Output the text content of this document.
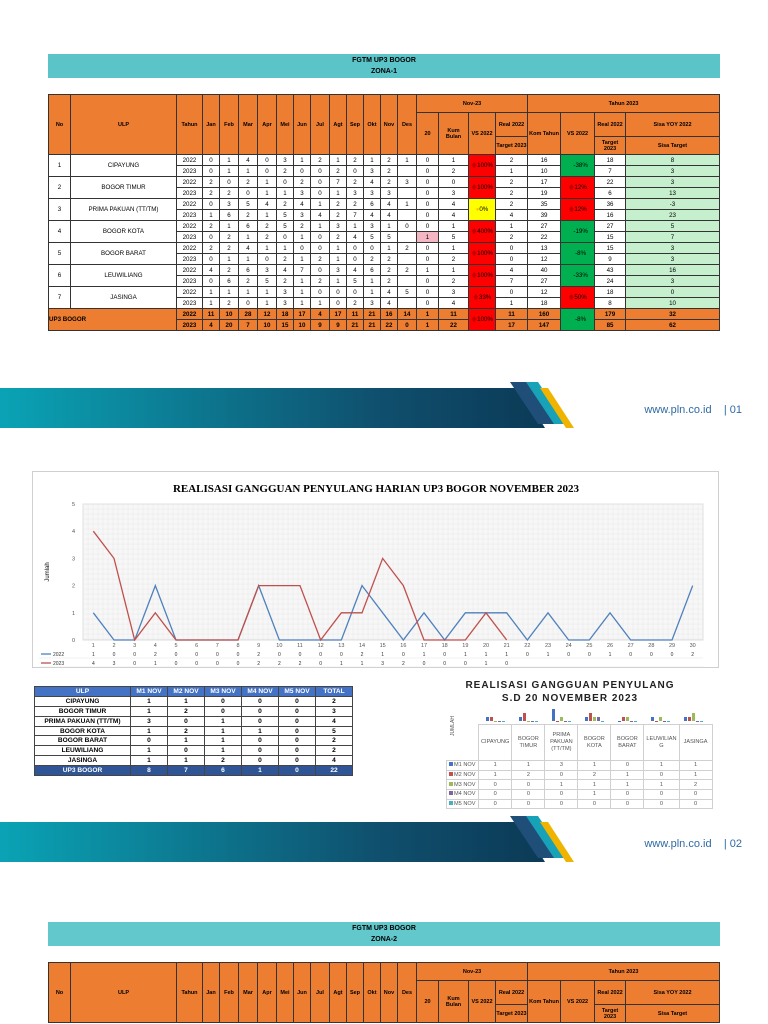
FGTM UP3 BOGOR
ZONA-1
No	ULP	Tahun	Jan	Feb	Mar	Apr	Mei	Jun	Jul	Agt	Sep	Okt	Nov	Des	Nov-23				Tahun 2023			
															20	Kum Bulan	VS 2022	Real 2022	Kom Tahun	VS 2022	Real 2022	Sisa YOY 2022
																		Target 2023			Target 2023	Sisa Target
1	CIPAYUNG	2022	0	1	4	0	3	1	2	1	2	1	2	1	0	1	🡅100%	2	16	🡇-38%	18	8
		2023	0	1	1	0	2	0	0	2	0	3	2		0	2		1	10		7	3
2	BOGOR TIMUR	2022	2	0	2	1	0	2	0	7	2	4	2	3	0	0	🡅100%	2	17	🡅12%	22	3
		2023	2	2	0	1	1	3	0	1	3	3	3		0	3		2	19		6	13
3	PRIMA PAKUAN (TT/TM)	2022	0	3	5	4	2	4	1	2	2	6	4	1	0	4	●0%	2	35	🡅12%	36	-3
		2023	1	6	2	1	5	3	4	2	7	4	4		0	4		4	39		16	23
4	BOGOR KOTA	2022	2	1	6	2	5	2	1	3	1	3	1	0	0	1	🡅400%	1	27	🡇-19%	27	5
		2023	0	2	1	2	0	1	0	2	4	5	5		1	5		2	22		15	7
5	BOGOR BARAT	2022	2	2	4	1	1	0	0	1	0	0	1	2	0	1	🡅100%	0	13	🡇-8%	15	3
		2023	0	1	1	0	2	1	2	1	0	2	2		0	2		0	12		9	3
6	LEUWILIANG	2022	4	2	6	3	4	7	0	3	4	6	2	2	1	1	🡅100%	4	40	🡇-33%	43	16
		2023	0	6	2	5	2	1	2	1	5	1	2		0	2		7	27		24	3
7	JASINGA	2022	1	1	1	1	3	1	0	0	0	1	4	5	0	3	🡅33%	0	12	🡅50%	18	0
		2023	1	2	0	1	3	1	1	0	2	3	4		0	4		1	18		8	10
UP3 BOGOR		2022	11	10	28	12	18	17	4	17	11	21	16	14	1	11	🡅100%	11	160	🡇-8%	179	32
		2023	4	20	7	10	15	10	9	9	21	21	22	0	1	22		17	147		85	62
www.pln.co.id | 01
REALISASI GANGGUAN PENYULANG HARIAN UP3 BOGOR NOVEMBER 2023
Jumlah
0
1
2
3
4
5
1	2	3	4	5	6	7	8	9	10	11	12	13	14	15	16	17	18	19	20	21	22	23	24	25	26	27	28	29	30
2022	1	0	0	2	0	0	0	0	2	0	0	0	0	2	1	0	1	0	1	1	1	0	1	0	0	1	0	0	0	2
2023	4	3	0	1	0	0	0	0	2	2	2	0	1	1	3	2	0	0	0	1	0
ULP	M1 NOV	M2 NOV	M3 NOV	M4 NOV	M5 NOV	TOTAL
CIPAYUNG	1	1	0	0	0	2
BOGOR TIMUR	1	2	0	0	0	3
PRIMA PAKUAN (TT/TM)	3	0	1	0	0	4
BOGOR KOTA	1	2	1	1	0	5
BOGOR BARAT	0	1	1	0	0	2
LEUWILIANG	1	0	1	0	0	2
JASINGA	1	1	2	0	0	4
UP3 BOGOR	8	7	6	1	0	22
REALISASI GANGGUAN PENYULANG
S.D 20 NOVEMBER 2023
JUMLAH
	CIPAYUNG	BOGOR TIMUR	PRIMA PAKUAN (TT/TM)	BOGOR KOTA	BOGOR BARAT	LEUWILIAN G	JASINGA
M1 NOV	1	1	3	1	0	1	1
M2 NOV	1	2	0	2	1	0	1
M3 NOV	0	0	1	1	1	1	2
M4 NOV	0	0	0	1	0	0	0
M5 NOV	0	0	0	0	0	0	0
www.pln.co.id | 02
FGTM UP3 BOGOR
ZONA-2
No	ULP	Tahun	Jan	Feb	Mar	Apr	Mei	Jun	Jul	Agt	Sep	Okt	Nov	Des	Nov-23				Tahun 2023			
															20	Kum Bulan	VS 2022	Real 2022	Kom Tahun	VS 2022	Real 2022	Sisa YOY 2022
																		Target 2023			Target 2023	Sisa Target
